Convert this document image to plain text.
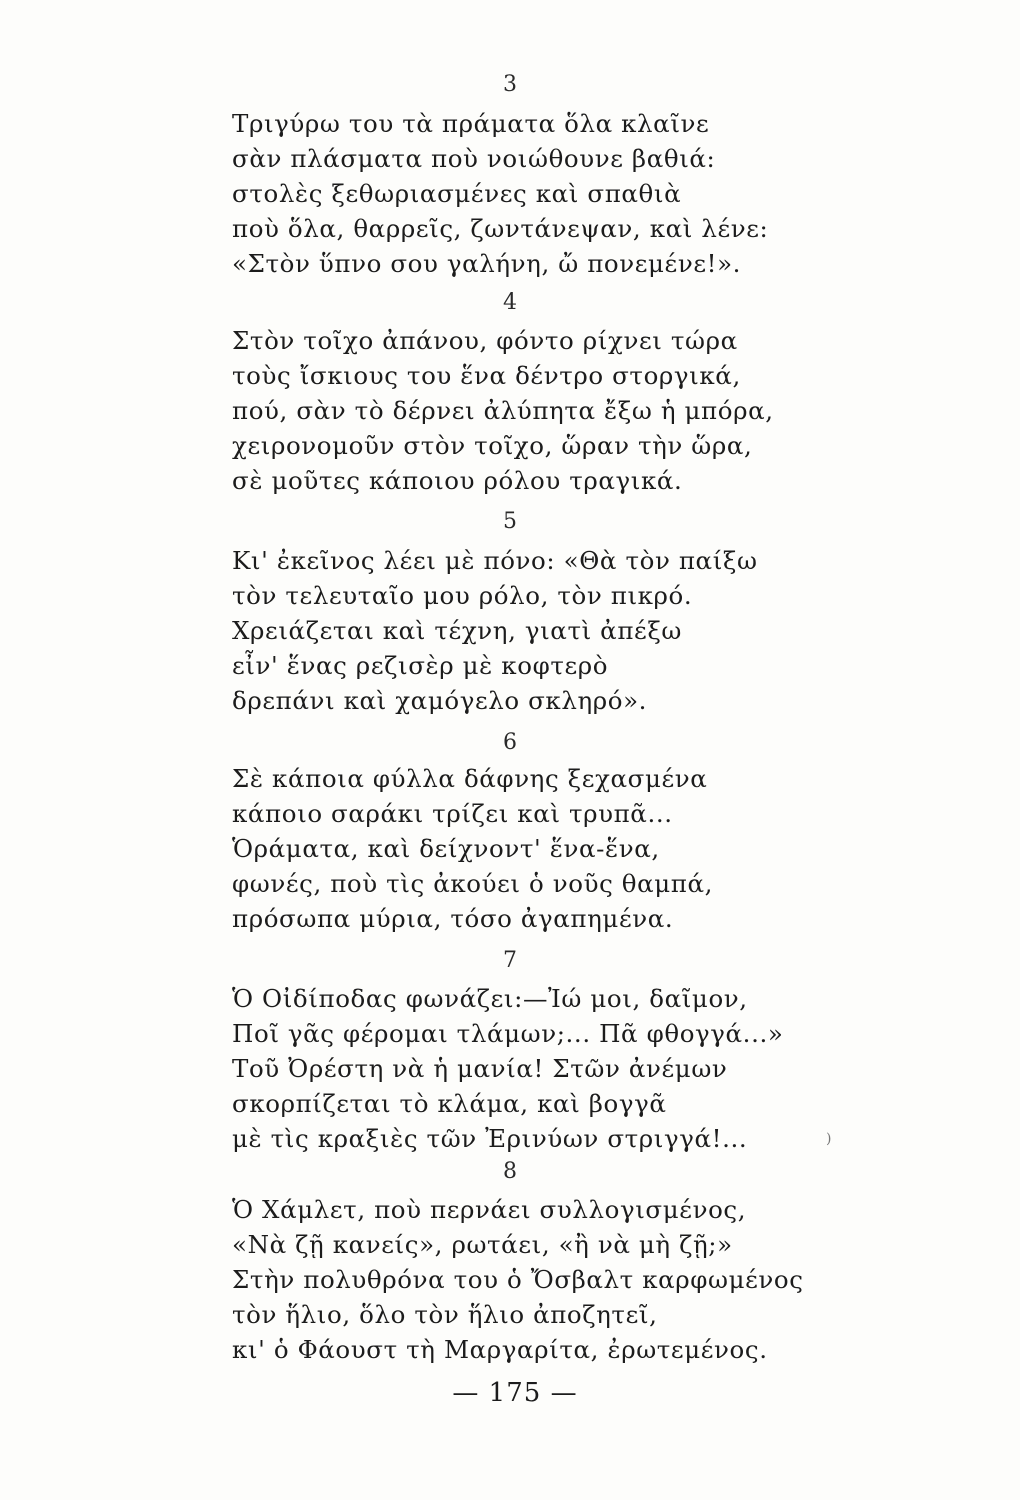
3
Τριγύρω του τὰ πράματα ὅλα κλαῖνε
σὰν πλάσματα ποὺ νοιώθουνε βαθιά:
στολὲς ξεθωριασμένες καὶ σπαθιὰ
ποὺ ὅλα, θαρρεῖς, ζωντάνεψαν, καὶ λένε:
«Στὸν ὕπνο σου γαλήνη, ὤ πονεμένε!».
4
Στὸν τοῖχο ἀπάνου, φόντο ρίχνει τώρα
τοὺς ἴσκιους του ἕνα δέντρο στοργικά,
πού, σὰν τὸ δέρνει ἀλύπητα ἔξω ἡ μπόρα,
χειρονομοῦν στὸν τοῖχο, ὥραν τὴν ὥρα,
σὲ μοῦτες κάποιου ρόλου τραγικά.
5
Κι' ἐκεῖνος λέει μὲ πόνο: «Θὰ τὸν παίξω
τὸν τελευταῖο μου ρόλο, τὸν πικρό.
Χρειάζεται καὶ τέχνη, γιατὶ ἀπέξω
εἶν' ἕνας ρεζισὲρ μὲ κοφτερὸ
δρεπάνι καὶ χαμόγελο σκληρό».
6
Σὲ κάποια φύλλα δάφνης ξεχασμένα
κάποιο σαράκι τρίζει καὶ τρυπᾶ...
Ὁράματα, καὶ δείχνοντ' ἕνα-ἕνα,
φωνές, ποὺ τὶς ἀκούει ὁ νοῦς θαμπά,
πρόσωπα μύρια, τόσο ἀγαπημένα.
7
Ὁ Οἰδίποδας φωνάζει:—Ἰώ μοι, δαῖμον,
Ποῖ γᾶς φέρομαι τλάμων;... Πᾶ φθογγά...»
Τοῦ Ὀρέστη νὰ ἡ μανία! Στῶν ἀνέμων
σκορπίζεται τὸ κλάμα, καὶ βογγᾶ
μὲ τὶς κραξιὲς τῶν Ἐρινύων στριγγά!...
8
Ὁ Χάμλετ, ποὺ περνάει συλλογισμένος,
«Νὰ ζῇ κανείς», ρωτάει, «ἢ νὰ μὴ ζῇ;»
Στὴν πολυθρόνα του ὁ Ὄσβαλτ καρφωμένος
τὸν ἥλιο, ὅλο τὸν ἥλιο ἀποζητεῖ,
κι' ὁ Φάουστ τὴ Μαργαρίτα, ἐρωτεμένος.
)
— 175 —
